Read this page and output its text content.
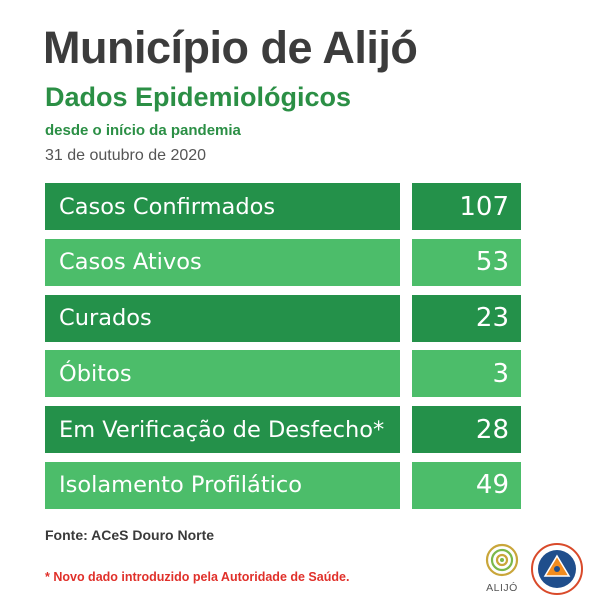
Município de Alijó
Dados Epidemiológicos
desde o início da pandemia
31 de outubro de 2020
Casos Confirmados	107
Casos Ativos	53
Curados	23
Óbitos	3
Em Verificação de Desfecho*	28
Isolamento Profilático	49
Fonte: ACeS Douro Norte
* Novo dado introduzido pela Autoridade de Saúde.
ALIJÓ
